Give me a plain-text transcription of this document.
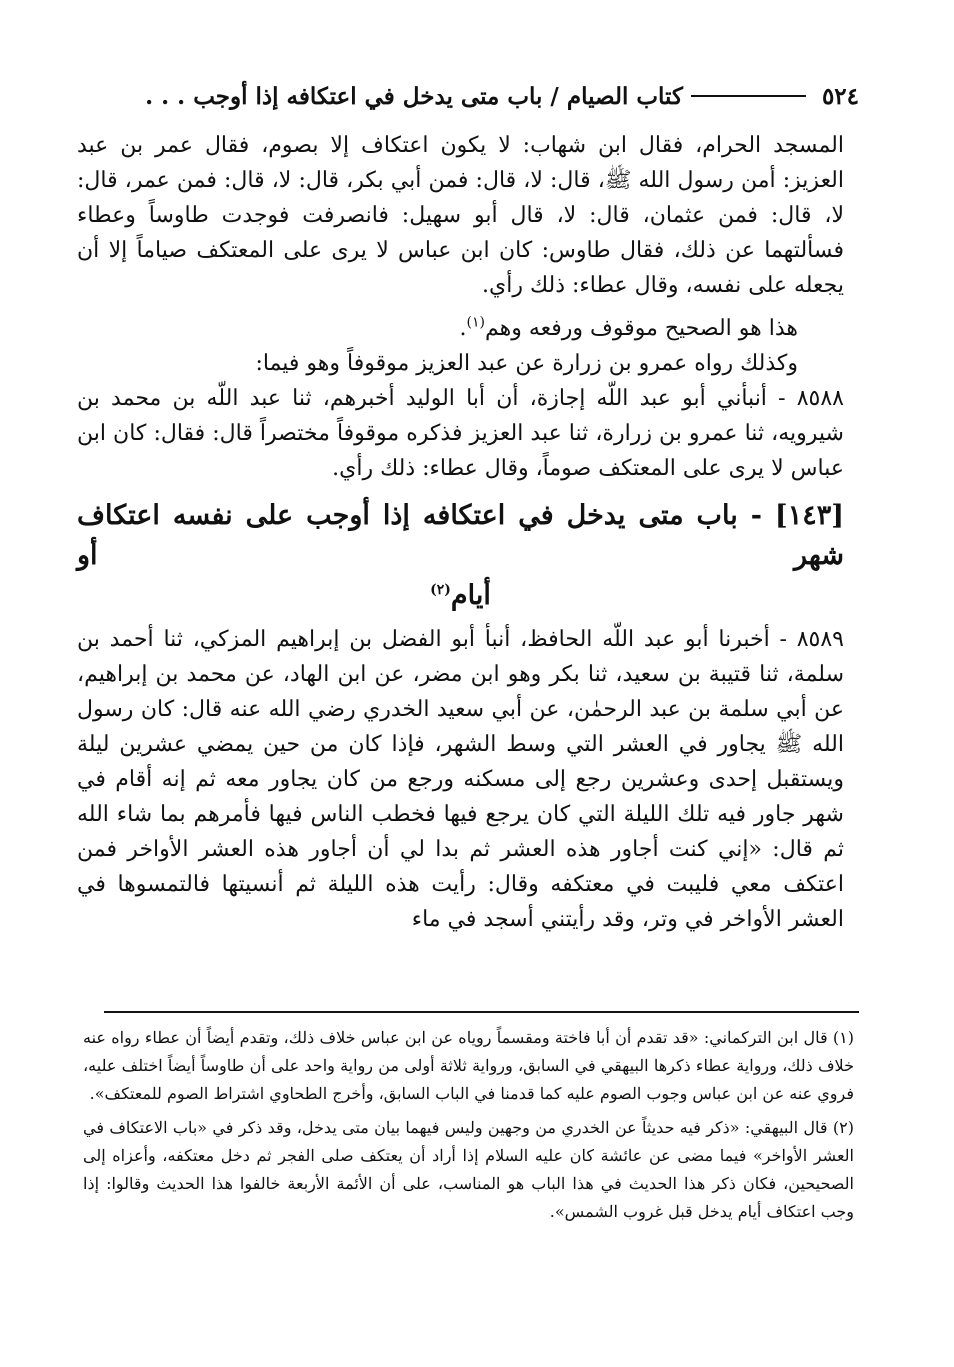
٥٢٤
كتاب الصيام / باب متى يدخل في اعتكافه إذا أوجب . . .

المسجد الحرام، فقال ابن شهاب: لا يكون اعتكاف إلا بصوم، فقال عمر بن عبد العزيز: أمن رسول الله ﷺ، قال: لا، قال: فمن أبي بكر، قال: لا، قال: فمن عمر، قال: لا، قال: فمن عثمان، قال: لا، قال أبو سهيل: فانصرفت فوجدت طاوساً وعطاء فسألتهما عن ذلك، فقال طاوس: كان ابن عباس لا يرى على المعتكف صياماً إلا أن يجعله على نفسه، وقال عطاء: ذلك رأي.

هذا هو الصحيح موقوف ورفعه وهم$^{(١)}$.

وكذلك رواه عمرو بن زرارة عن عبد العزيز موقوفاً وهو فيما:

٨٥٨٨ - أنبأني أبو عبد اللّه إجازة، أن أبا الوليد أخبرهم، ثنا عبد اللّه بن محمد بن شيرويه، ثنا عمرو بن زرارة، ثنا عبد العزيز فذكره موقوفاً مختصراً قال: فقال: كان ابن عباس لا يرى على المعتكف صوماً، وقال عطاء: ذلك رأي.

[١٤٣] - باب متى يدخل في اعتكافه إذا أوجب على نفسه اعتكاف شهر أو
أيام$^{(٢)}$

٨٥٨٩ - أخبرنا أبو عبد اللّه الحافظ، أنبأ أبو الفضل بن إبراهيم المزكي، ثنا أحمد بن سلمة، ثنا قتيبة بن سعيد، ثنا بكر وهو ابن مضر، عن ابن الهاد، عن محمد بن إبراهيم، عن أبي سلمة بن عبد الرحمٰن، عن أبي سعيد الخدري رضي الله عنه قال: كان رسول الله ﷺ يجاور في العشر التي وسط الشهر، فإذا كان من حين يمضي عشرين ليلة ويستقبل إحدى وعشرين رجع إلى مسكنه ورجع من كان يجاور معه ثم إنه أقام في شهر جاور فيه تلك الليلة التي كان يرجع فيها فخطب الناس فيها فأمرهم بما شاء الله ثم قال: «إني كنت أجاور هذه العشر ثم بدا لي أن أجاور هذه العشر الأواخر فمن اعتكف معي فليبت في معتكفه وقال: رأيت هذه الليلة ثم أنسيتها فالتمسوها في العشر الأواخر في وتر، وقد رأيتني أسجد في ماء

(١) قال ابن التركماني: «قد تقدم أن أبا فاختة ومقسماً روياه عن ابن عباس خلاف ذلك، وتقدم أيضاً أن عطاء رواه عنه خلاف ذلك، ورواية عطاء ذكرها البيهقي في السابق، ورواية ثلاثة أولى من رواية واحد على أن طاوساً أيضاً اختلف عليه، فروي عنه عن ابن عباس وجوب الصوم عليه كما قدمنا في الباب السابق، وأخرج الطحاوي اشتراط الصوم للمعتكف».

(٢) قال البيهقي: «ذكر فيه حديثاً عن الخدري من وجهين وليس فيهما بيان متى يدخل، وقد ذكر في «باب الاعتكاف في العشر الأواخر» فيما مضى عن عائشة كان عليه السلام إذا أراد أن يعتكف صلى الفجر ثم دخل معتكفه، وأعزاه إلى الصحيحين، فكان ذكر هذا الحديث في هذا الباب هو المناسب، على أن الأئمة الأربعة خالفوا هذا الحديث وقالوا: إذا وجب اعتكاف أيام يدخل قبل غروب الشمس».
